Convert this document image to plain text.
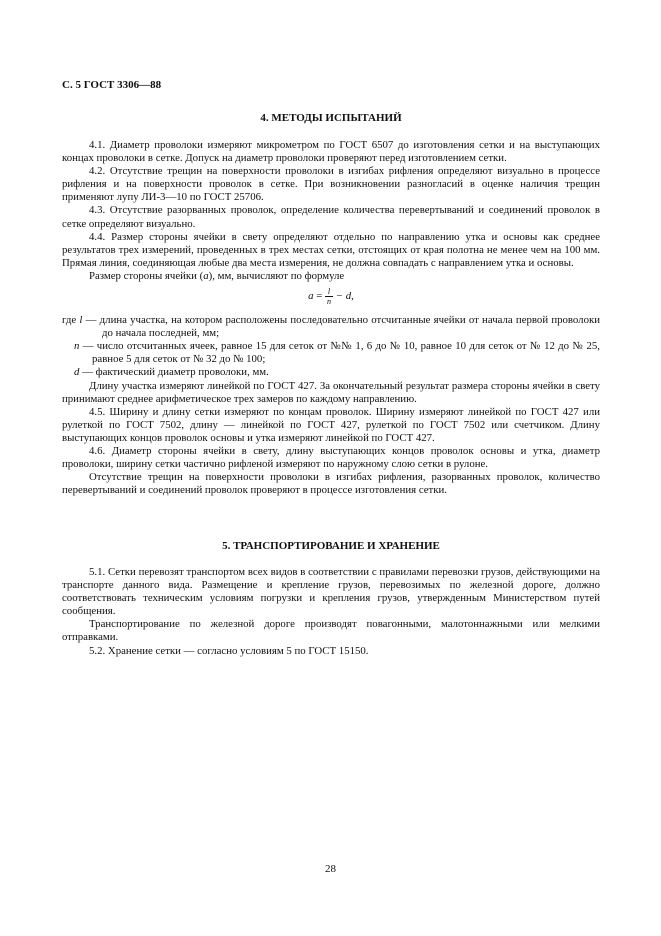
С. 5 ГОСТ 3306—88
4. МЕТОДЫ ИСПЫТАНИЙ

4.1. Диаметр проволоки измеряют микрометром по ГОСТ 6507 до изготовления сетки и на выступающих концах проволоки в сетке. Допуск на диаметр проволоки проверяют перед изготовлением сетки.

4.2. Отсутствие трещин на поверхности проволоки в изгибах рифления определяют визуально в процессе рифления и на поверхности проволок в сетке. При возникновении разногласий в оценке наличия трещин применяют лупу ЛИ-3—10 по ГОСТ 25706.

4.3. Отсутствие разорванных проволок, определение количества перевертываний и соединений проволок в сетке определяют визуально.

4.4. Размер стороны ячейки в свету определяют отдельно по направлению утка и основы как среднее результатов трех измерений, проведенных в трех местах сетки, отстоящих от края полотна не менее чем на 100 мм. Прямая линия, соединяющая любые два места измерения, не должна совпадать с направлением утка и основы.

Размер стороны ячейки (а), мм, вычисляют по формуле

$a = \frac{l}{n} - d$,

где l — длина участка, на котором расположены последовательно отсчитанные ячейки от начала первой проволоки до начала последней, мм;

n — число отсчитанных ячеек, равное 15 для сеток от №№ 1, 6 до № 10, равное 10 для сеток от № 12 до № 25, равное 5 для сеток от № 32 до № 100;

d — фактический диаметр проволоки, мм.

Длину участка измеряют линейкой по ГОСТ 427. За окончательный результат размера стороны ячейки в свету принимают среднее арифметическое трех замеров по каждому направлению.

4.5. Ширину и длину сетки измеряют по концам проволок. Ширину измеряют линейкой по ГОСТ 427 или рулеткой по ГОСТ 7502, длину — линейкой по ГОСТ 427, рулеткой по ГОСТ 7502 или счетчиком. Длину выступающих концов проволок основы и утка измеряют линейкой по ГОСТ 427.

4.6. Диаметр стороны ячейки в свету, длину выступающих концов проволок основы и утка, диаметр проволоки, ширину сетки частично рифленой измеряют по наружному слою сетки в рулоне.

Отсутствие трещин на поверхности проволоки в изгибах рифления, разорванных проволок, количество перевертываний и соединений проволок проверяют в процессе изготовления сетки.

5. ТРАНСПОРТИРОВАНИЕ И ХРАНЕНИЕ

5.1. Сетки перевозят транспортом всех видов в соответствии с правилами перевозки грузов, действующими на транспорте данного вида. Размещение и крепление грузов, перевозимых по железной дороге, должно соответствовать техническим условиям погрузки и крепления грузов, утвержденным Министерством путей сообщения.

Транспортирование по железной дороге производят повагонными, малотоннажными или мелкими отправками.

5.2. Хранение сетки — согласно условиям 5 по ГОСТ 15150.

28
